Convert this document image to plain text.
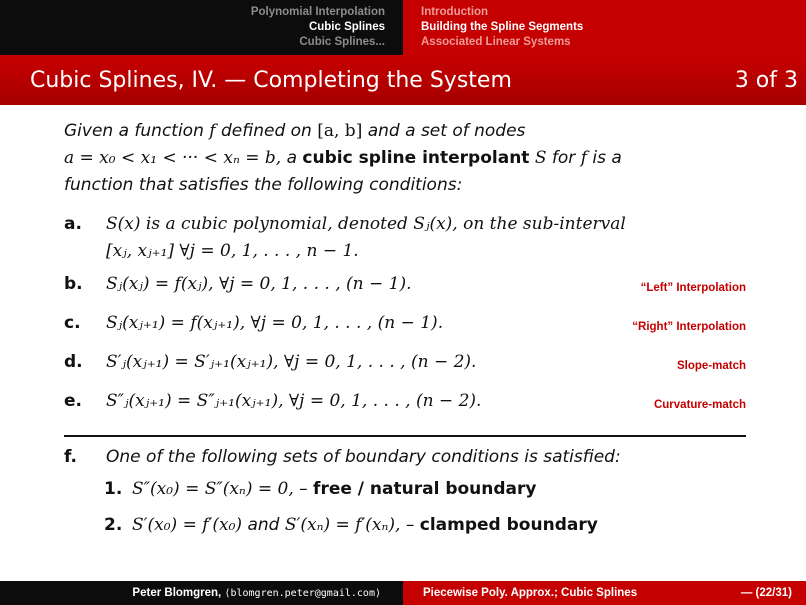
Polynomial Interpolation
Cubic Splines
Cubic Splines...
Introduction
Building the Spline Segments
Associated Linear Systems
Cubic Splines, IV. — Completing the System	3 of 3

Given a function f defined on [a, b] and a set of nodes
a = x₀ < x₁ < ··· < xₙ = b, a cubic spline interpolant S for f is a
function that satisfies the following conditions:

a.	S(x) is a cubic polynomial, denoted Sⱼ(x), on the sub-interval
[xⱼ, xⱼ₊₁] ∀j = 0, 1, . . . , n − 1.
b.	Sⱼ(xⱼ) = f(xⱼ), ∀j = 0, 1, . . . , (n − 1).	“Left” Interpolation
c.	Sⱼ(xⱼ₊₁) = f(xⱼ₊₁), ∀j = 0, 1, . . . , (n − 1).	“Right” Interpolation
d.	S′ⱼ(xⱼ₊₁) = S′ⱼ₊₁(xⱼ₊₁), ∀j = 0, 1, . . . , (n − 2).	Slope-match
e.	S″ⱼ(xⱼ₊₁) = S″ⱼ₊₁(xⱼ₊₁), ∀j = 0, 1, . . . , (n − 2).	Curvature-match
f.	One of the following sets of boundary conditions is satisfied:
1. S″(x₀) = S″(xₙ) = 0, – free / natural boundary
2. S′(x₀) = f′(x₀) and S′(xₙ) = f′(xₙ), – clamped boundary
Peter Blomgren,
⟨blomgren.peter@gmail.com⟩	Piecewise Poly. Approx.; Cubic Splines	— (22/31)
